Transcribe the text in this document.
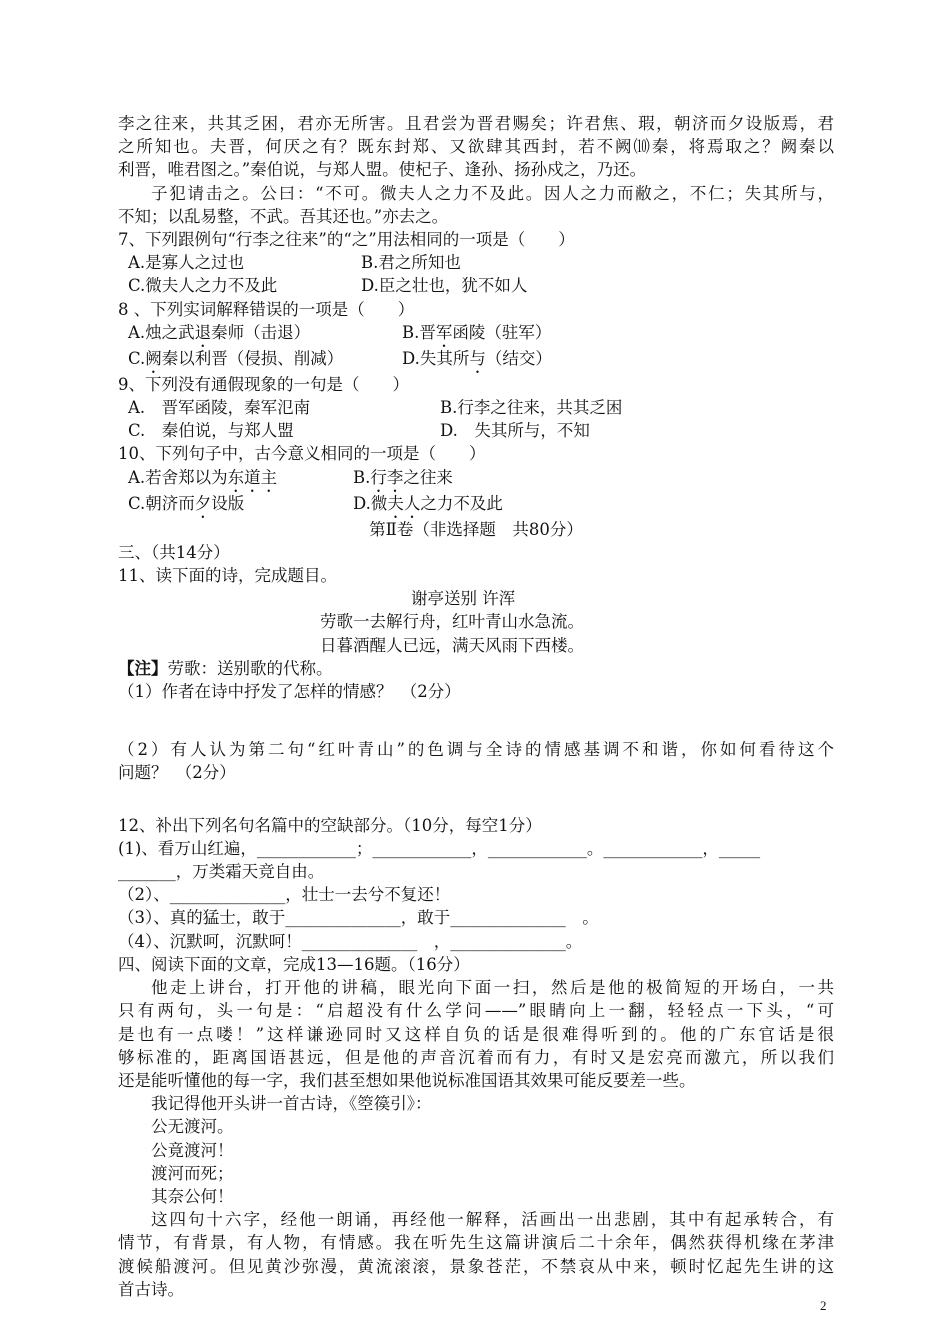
李之往来，共其乏困，君亦无所害。且君尝为晋君赐矣；许君焦、瑕，朝济而夕设版焉，君
之所知也。夫晋，何厌之有？既东封郑、又欲肆其西封，若不阙⑽秦，将焉取之？阙秦以
利晋，唯君图之。”秦伯说，与郑人盟。使杞子、逢孙、扬孙戍之，乃还。
子犯请击之。公曰：“不可。微夫人之力不及此。因人之力而敝之，不仁；失其所与，
不知；以乱易整，不武。吾其还也。”亦去之。
7、下列跟例句“行李之往来”的“之”用法相同的一项是（　　）
A.是寡人之过也	B.君之所知也
C.微夫人之力不及此	D.臣之壮也，犹不如人
8 、下列实词解释错误的一项是（　　）
A.烛之武退秦师（击退）	B.晋军函陵（驻军）
C.阙秦以利晋（侵损、削减）	D.失其所与（结交）
9、下列没有通假现象的一句是（　　）
A.　晋军函陵，秦军氾南	B.行李之往来，共其乏困
C.　秦伯说，与郑人盟	D.　失其所与，不知
10、下列句子中，古今意义相同的一项是（　　）
A.若舍郑以为东道主	B.行李之往来
C.朝济而夕设版	D.微夫人之力不及此
第Ⅱ卷（非选择题　共80分）
三、（共14分）
11、读下面的诗，完成题目。
谢亭送别 许浑
劳歌一去解行舟，红叶青山水急流。
日暮酒醒人已远，满天风雨下西楼。
【注】劳歌：送别歌的代称。
（1）作者在诗中抒发了怎样的情感？　（2分）
（2）有人认为第二句“红叶青山”的色调与全诗的情感基调不和谐，你如何看待这个
问题？　（2分）
12、补出下列名句名篇中的空缺部分。（10分，每空1分）
(1)、看万山红遍，____________；____________，____________。____________，_____
_______，万类霜天竞自由。
（2）、______________，壮士一去兮不复还！
（3）、真的猛士，敢于______________，敢于______________　。
（4）、沉默呵，沉默呵！______________　，______________。
四、阅读下面的文章，完成13—16题。（16分）
他走上讲台，打开他的讲稿，眼光向下面一扫，然后是他的极简短的开场白，一共
只有两句，头一句是：“启超没有什么学问——”眼睛向上一翻，轻轻点一下头，“可
是也有一点喽！”这样谦逊同时又这样自负的话是很难得听到的。他的广东官话是很
够标准的，距离国语甚远，但是他的声音沉着而有力，有时又是宏亮而激亢，所以我们
还是能听懂他的每一字，我们甚至想如果他说标准国语其效果可能反要差一些。
我记得他开头讲一首古诗，《箜篌引》：
公无渡河。
公竟渡河！
渡河而死；
其奈公何！
这四句十六字，经他一朗诵，再经他一解释，活画出一出悲剧，其中有起承转合，有
情节，有背景，有人物，有情感。我在听先生这篇讲演后二十余年，偶然获得机缘在茅津
渡候船渡河。但见黄沙弥漫，黄流滚滚，景象苍茫，不禁哀从中来，顿时忆起先生讲的这
首古诗。
2
